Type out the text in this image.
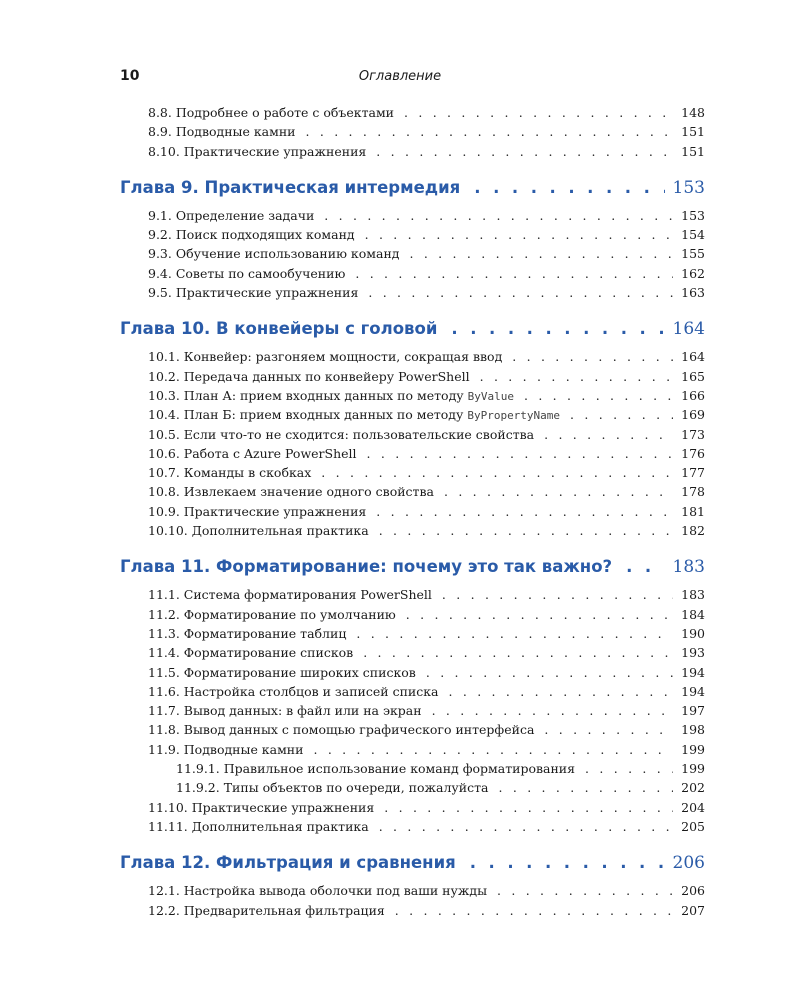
10	Оглавление
8.8. Подробнее о работе с объектами . . .	148
8.9. Подводные камни . . .	151
8.10. Практические упражнения . . .	151
Глава 9. Практическая интермедия . . .	153
9.1. Определение задачи . . .	153
9.2. Поиск подходящих команд . . .	154
9.3. Обучение использованию команд . . .	155
9.4. Советы по самообучению . . .	162
9.5. Практические упражнения . . .	163
Глава 10. В конвейеры с головой . . .	164
10.1. Конвейер: разгоняем мощности, сокращая ввод . . .	164
10.2. Передача данных по конвейеру PowerShell . . .	165
10.3. План А: прием входных данных по методу ByValue . . .	166
10.4. План Б: прием входных данных по методу ByPropertyName . . .	169
10.5. Если что-то не сходится: пользовательские свойства . . .	173
10.6. Работа с Azure PowerShell . . .	176
10.7. Команды в скобках . . .	177
10.8. Извлекаем значение одного свойства . . .	178
10.9. Практические упражнения . . .	181
10.10. Дополнительная практика . . .	182
Глава 11. Форматирование: почему это так важно? . . .	183
11.1. Система форматирования PowerShell . . .	183
11.2. Форматирование по умолчанию . . .	184
11.3. Форматирование таблиц . . .	190
11.4. Форматирование списков . . .	193
11.5. Форматирование широких списков . . .	194
11.6. Настройка столбцов и записей списка . . .	194
11.7. Вывод данных: в файл или на экран . . .	197
11.8. Вывод данных с помощью графического интерфейса . . .	198
11.9. Подводные камни . . .	199
11.9.1. Правильное использование команд форматирования . . .	199
11.9.2. Типы объектов по очереди, пожалуйста . . .	202
11.10. Практические упражнения . . .	204
11.11. Дополнительная практика . . .	205
Глава 12. Фильтрация и сравнения . . .	206
12.1. Настройка вывода оболочки под ваши нужды . . .	206
12.2. Предварительная фильтрация . . .	207
